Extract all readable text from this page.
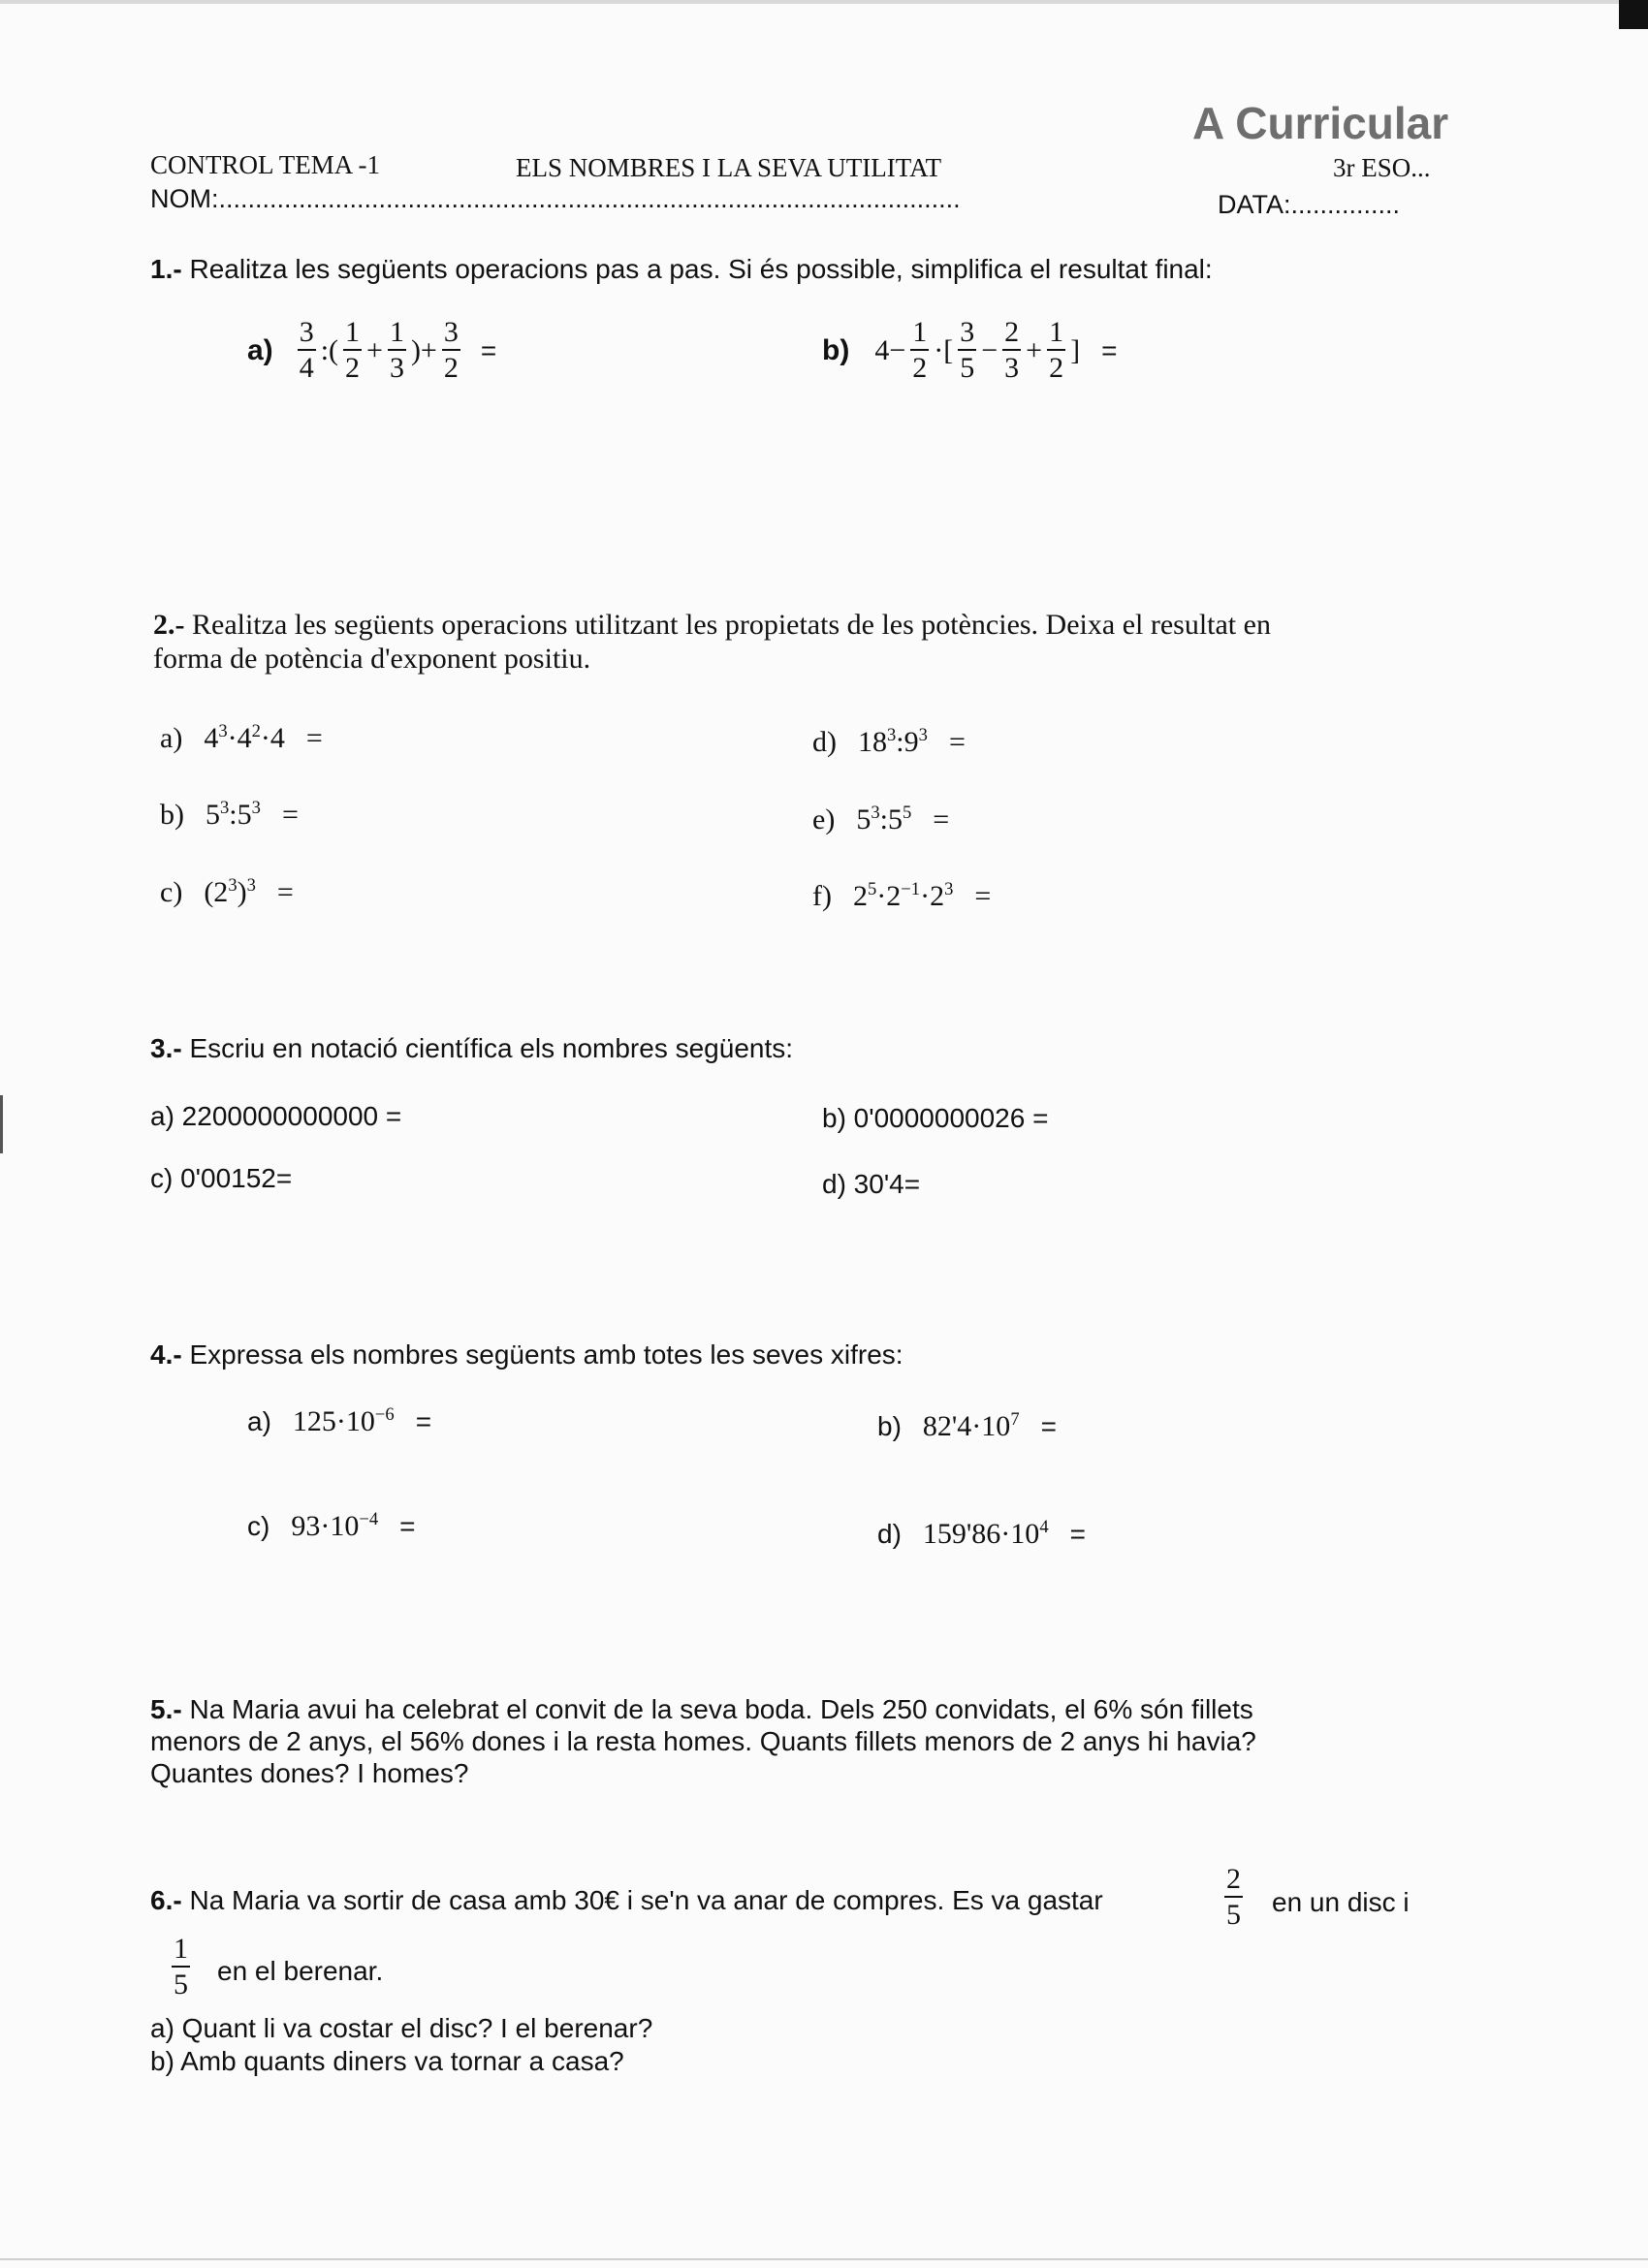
A Curricular
CONTROL TEMA -1	ELS NOMBRES I LA SEVA UTILITAT	3r ESO...
NOM:......................................................................................................	DATA:...............
1.- Realitza les següents operacions pas a pas. Si és possible, simplifica el resultat final:
$a) \frac{3}{4}$ :( $\frac{1}{2} + \frac{1}{3}$ )+ $\frac{3}{2}$ =	b) $4- \frac{1}{2}$ ·[ $\frac{3}{5} - \frac{2}{3} + \frac{1}{2}$ ] =
2.- Realitza les següents operacions utilitzant les propietats de les potències. Deixa el resultat en
forma de potència d'exponent positiu.
a) $4^3\cdot 4^2\cdot 4$ =
b) $5^3:5^3$ =
c) $(2^3)^3$ =
d) $18^3:9^3$ =
e) $5^3:5^5$ =
f) $2^5\cdot 2^{-1}\cdot 2^3$ =
3.- Escriu en notació científica els nombres següents:
a) 2200000000000 =	b) 0'0000000026 =
c) 0'00152=	d) 30'4=
4.- Expressa els nombres següents amb totes les seves xifres:
a) $125\cdot 10^{-6}$ =	b) $82'4\cdot 10^7$ =
c) $93\cdot 10^{-4}$ =	d) $159'86\cdot 10^4$ =
5.- Na Maria avui ha celebrat el convit de la seva boda. Dels 250 convidats, el 6% són fillets
menors de 2 anys, el 56% dones i la resta homes. Quants fillets menors de 2 anys hi havia?
Quantes dones? I homes?
6.- Na Maria va sortir de casa amb 30€ i se'n va anar de compres. Es va gastar	$\frac{2}{5}$ en un disc i
$\frac{1}{5}$ en el berenar.
a) Quant li va costar el disc? I el berenar?
b) Amb quants diners va tornar a casa?
